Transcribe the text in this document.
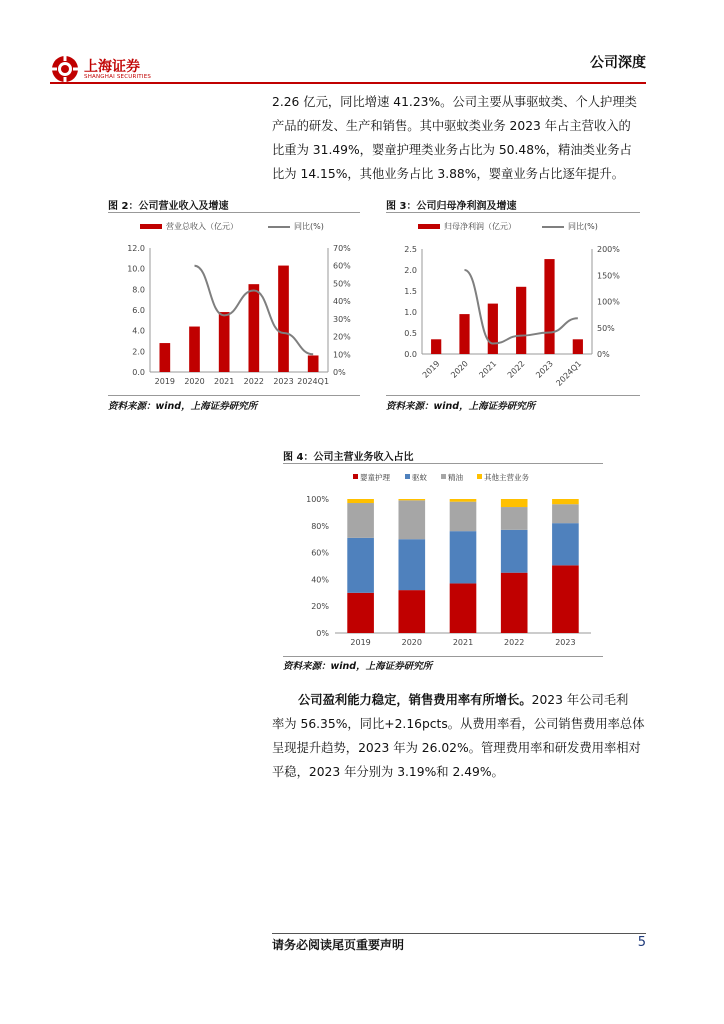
上海证券
SHANGHAI SECURITIES
公司深度
2.26 亿元，同比增速 41.23%。公司主要从事驱蚊类、个人护理类
产品的研发、生产和销售。其中驱蚊类业务 2023 年占主营收入的
比重为 31.49%，婴童护理类业务占比为 50.48%，精油类业务占
比为 14.15%，其他业务占比 3.88%，婴童业务占比逐年提升。
图 2：公司营业收入及增速
营业总收入（亿元）	同比(%)
0.0
2.0
4.0
6.0
8.0
10.0
12.0
0%
10%
20%
30%
40%
50%
60%
70%
2019 2020 2021 2022 2023 2024Q1
资料来源：wind，上海证券研究所
图 3：公司归母净利润及增速
归母净利润（亿元）	同比(%)
0.0
0.5
1.0
1.5
2.0
2.5
0%
50%
100%
150%
200%
2019 2020 2021 2022 2023 2024Q1
资料来源：wind，上海证券研究所
图 4：公司主营业务收入占比
婴童护理	驱蚊	精油	其他主营业务
0%
20%
40%
60%
80%
100%
2019	2020	2021	2022	2023
资料来源：wind，上海证券研究所
公司盈利能力稳定，销售费用率有所增长。2023 年公司毛利
率为 56.35%，同比+2.16pcts。从费用率看，公司销售费用率总体
呈现提升趋势，2023 年为 26.02%。管理费用率和研发费用率相对
平稳，2023 年分别为 3.19%和 2.49%。
请务必阅读尾页重要声明	5
